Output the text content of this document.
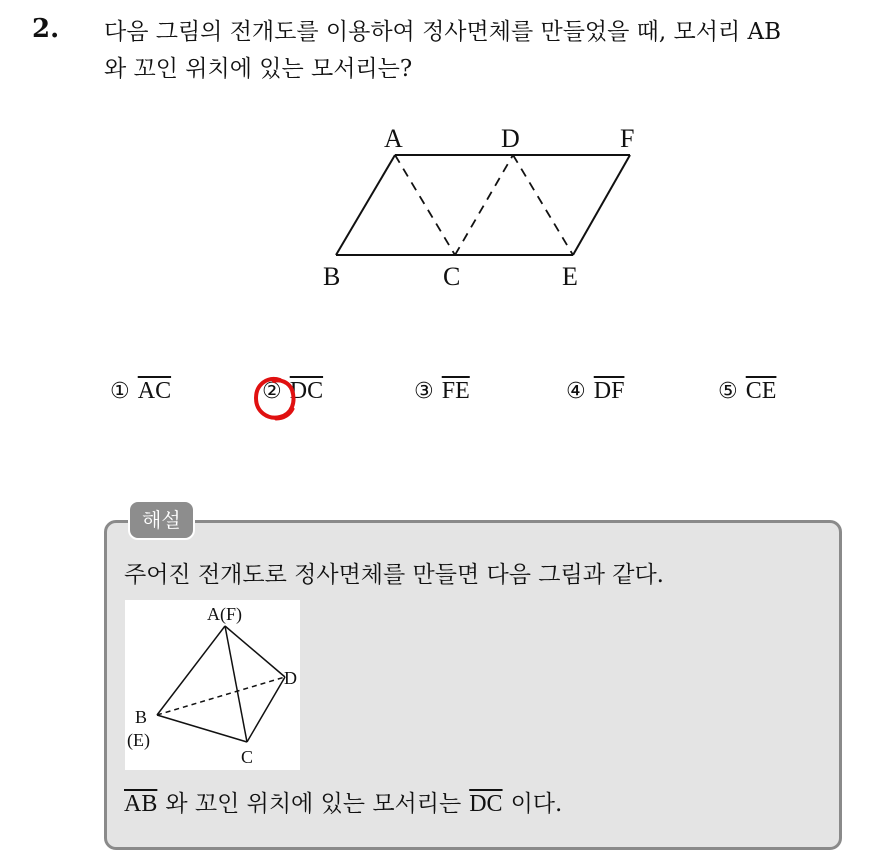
2. 다음 그림의 전개도를 이용하여 정사면체를 만들었을 때, 모서리 AB
와 꼬인 위치에 있는 모서리는?
A	D	F
B	C	E
① $\overline{AC}$	② $\overline{DC}$	③ $\overline{FE}$	④ $\overline{DF}$	⑤ $\overline{CE}$
해설
주어진 전개도로 정사면체를 만들면 다음 그림과 같다.
A(F)
D
B
(E)
C
$\overline{AB}$ 와 꼬인 위치에 있는 모서리는 $\overline{DC}$ 이다.
